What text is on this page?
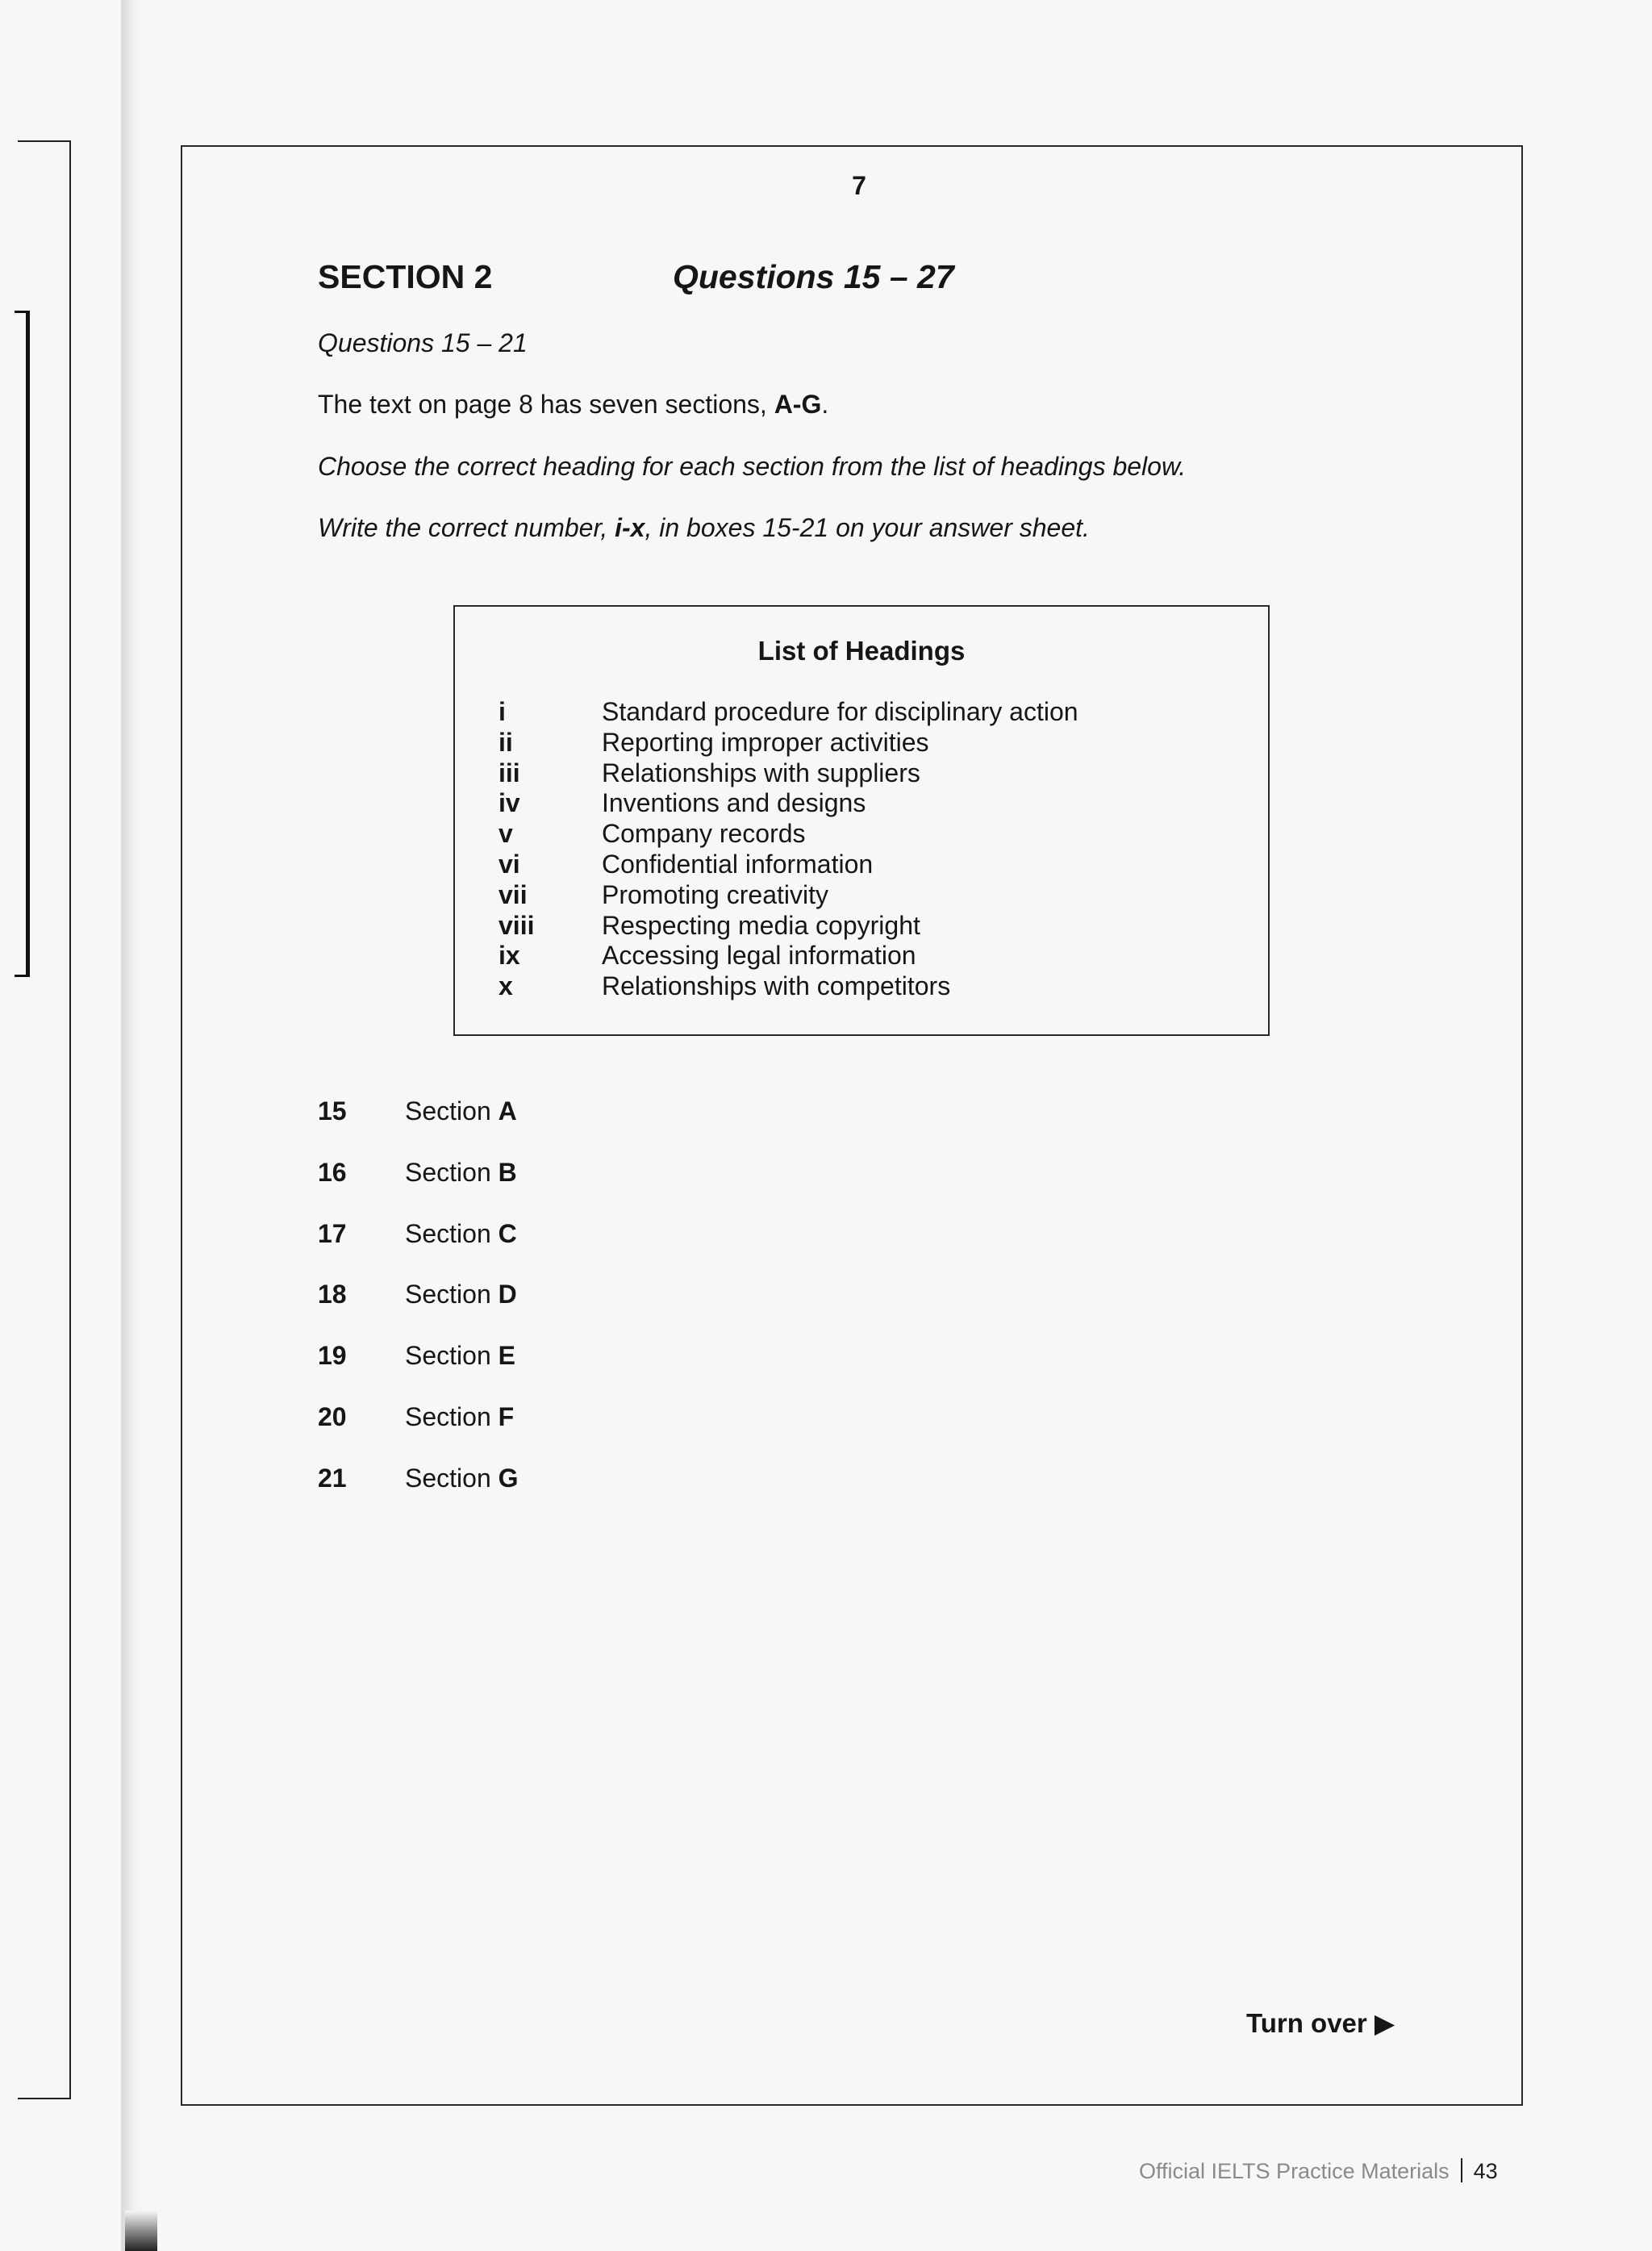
7
SECTION 2	Questions 15 – 27
Questions 15 – 21
The text on page 8 has seven sections, A-G.
Choose the correct heading for each section from the list of headings below.
Write the correct number, i-x, in boxes 15-21 on your answer sheet.
List of Headings
i	Standard procedure for disciplinary action
ii	Reporting improper activities
iii	Relationships with suppliers
iv	Inventions and designs
v	Company records
vi	Confidential information
vii	Promoting creativity
viii	Respecting media copyright
ix	Accessing legal information
x	Relationships with competitors
15 Section A
16 Section B
17 Section C
18 Section D
19 Section E
20 Section F
21 Section G
Turn over ▶
Official IELTS Practice Materials 43
